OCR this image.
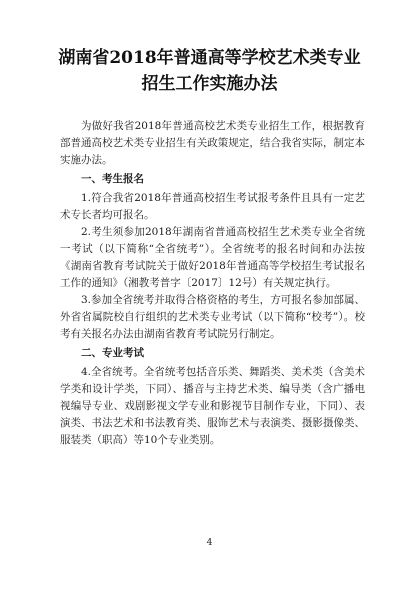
湖南省2018年普通高等学校艺术类专业
招生工作实施办法

为做好我省2018年普通高校艺术类专业招生工作，根据教育部普通高校艺术类专业招生有关政策规定，结合我省实际，制定本实施办法。

一、考生报名

1.符合我省2018年普通高校招生考试报考条件且具有一定艺术专长者均可报名。

2.考生须参加2018年湖南省普通高校招生艺术类专业全省统一考试（以下简称“全省统考”）。全省统考的报名时间和办法按《湖南省教育考试院关于做好2018年普通高等学校招生考试报名工作的通知》（湘教考普字〔2017〕12号）有关规定执行。

3.参加全省统考并取得合格资格的考生，方可报名参加部属、外省省属院校自行组织的艺术类专业考试（以下简称“校考”）。校考有关报名办法由湖南省教育考试院另行制定。

二、专业考试

4.全省统考。全省统考包括音乐类、舞蹈类、美术类（含美术学类和设计学类，下同）、播音与主持艺术类、编导类（含广播电视编导专业、戏剧影视文学专业和影视节目制作专业，下同）、表演类、书法艺术和书法教育类、服饰艺术与表演类、摄影摄像类、服装类（职高）等10个专业类别。

4
